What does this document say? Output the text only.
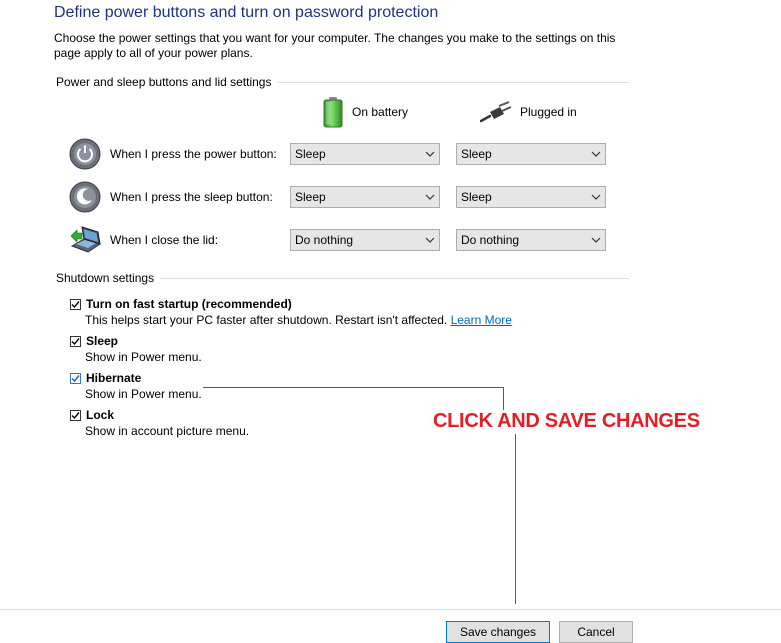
Define power buttons and turn on password protection
Choose the power settings that you want for your computer. The changes you make to the settings on this page apply to all of your power plans.
Power and sleep buttons and lid settings
On battery	Plugged in
When I press the power button: Sleep	Sleep
When I press the sleep button: Sleep	Sleep
When I close the lid:	Do nothing	Do nothing
Shutdown settings
Turn on fast startup (recommended)
This helps start your PC faster after shutdown. Restart isn't affected. Learn More
Sleep
Show in Power menu.
Hibernate
Show in Power menu.
Lock
Show in account picture menu.	CLICK AND SAVE CHANGES
Save changes	Cancel
